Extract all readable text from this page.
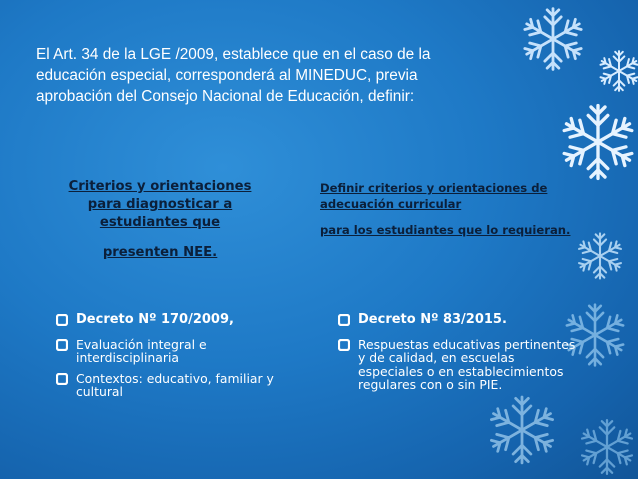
El Art. 34 de la LGE /2009, establece que en el caso de la
educación especial, corresponderá al MINEDUC, previa
aprobación del Consejo Nacional de Educación, definir:

Criterios y orientaciones
para diagnosticar a
estudiantes que
presenten NEE.
Definir criterios y orientaciones de adecuación curricular
para los estudiantes que lo requieran.
Decreto Nº 170/2009,
Evaluación integral e interdisciplinaria
Contextos: educativo, familiar y cultural
Decreto Nº 83/2015.
Respuestas educativas pertinentes y de calidad, en escuelas especiales o en establecimientos regulares con o sin PIE.
